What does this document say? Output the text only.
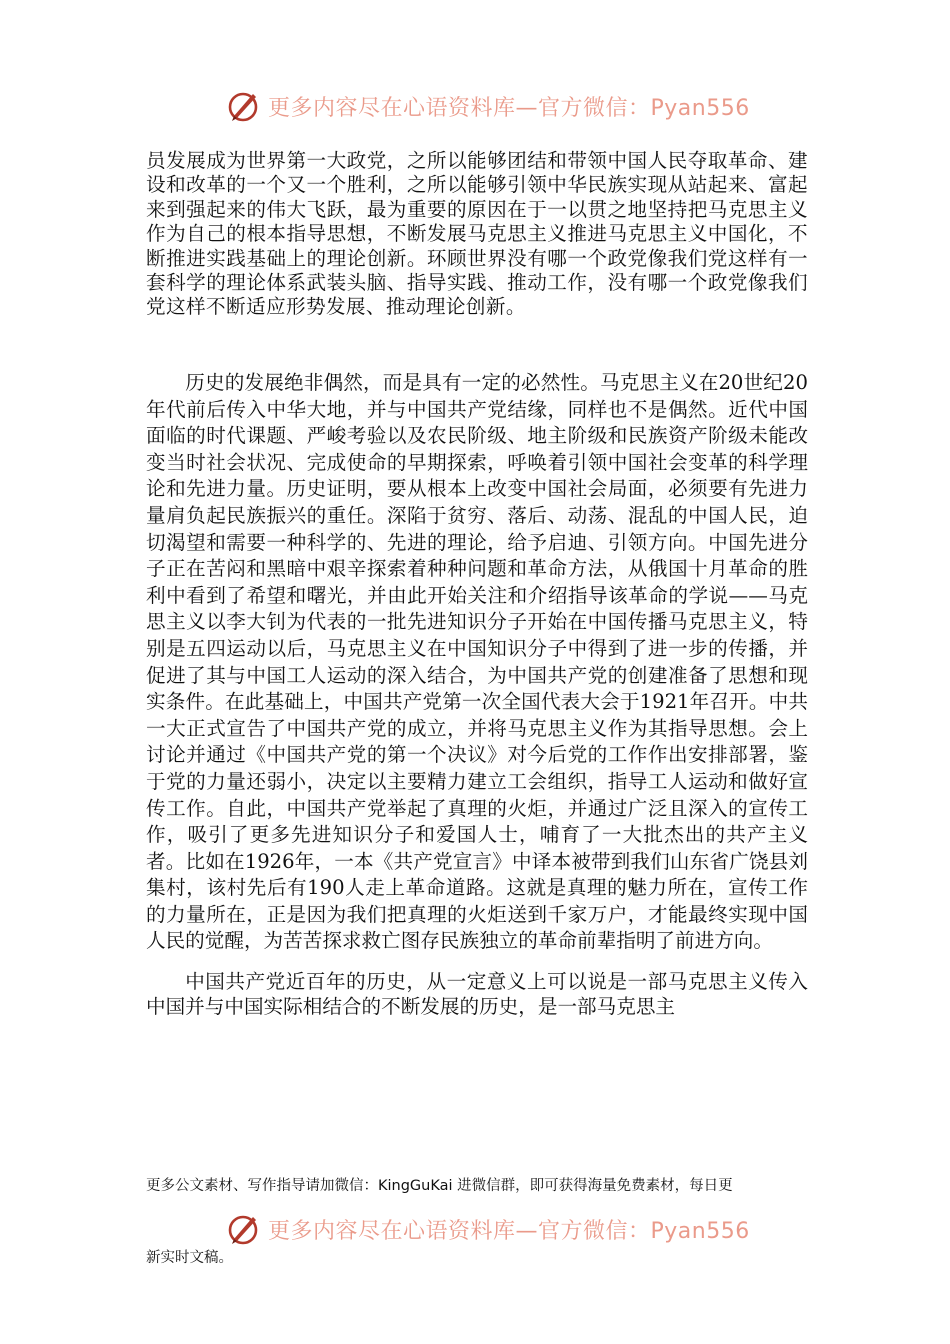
更多内容尽在心语资料库—官方微信：Pyan556

员发展成为世界第一大政党，之所以能够团结和带领中国人民夺取革命、建设和改革的一个又一个胜利，之所以能够引领中华民族实现从站起来、富起来到强起来的伟大飞跃，最为重要的原因在于一以贯之地坚持把马克思主义作为自己的根本指导思想，不断发展马克思主义推进马克思主义中国化，不断推进实践基础上的理论创新。环顾世界没有哪一个政党像我们党这样有一套科学的理论体系武装头脑、指导实践、推动工作，没有哪一个政党像我们党这样不断适应形势发展、推动理论创新。

历史的发展绝非偶然，而是具有一定的必然性。马克思主义在20世纪20年代前后传入中华大地，并与中国共产党结缘，同样也不是偶然。近代中国面临的时代课题、严峻考验以及农民阶级、地主阶级和民族资产阶级未能改变当时社会状况、完成使命的早期探索，呼唤着引领中国社会变革的科学理论和先进力量。历史证明，要从根本上改变中国社会局面，必须要有先进力量肩负起民族振兴的重任。深陷于贫穷、落后、动荡、混乱的中国人民，迫切渴望和需要一种科学的、先进的理论，给予启迪、引领方向。中国先进分子正在苦闷和黑暗中艰辛探索着种种问题和革命方法，从俄国十月革命的胜利中看到了希望和曙光，并由此开始关注和介绍指导该革命的学说——马克思主义以李大钊为代表的一批先进知识分子开始在中国传播马克思主义，特别是五四运动以后，马克思主义在中国知识分子中得到了进一步的传播，并促进了其与中国工人运动的深入结合，为中国共产党的创建准备了思想和现实条件。在此基础上，中国共产党第一次全国代表大会于1921年召开。中共一大正式宣告了中国共产党的成立，并将马克思主义作为其指导思想。会上讨论并通过《中国共产党的第一个决议》对今后党的工作作出安排部署，鉴于党的力量还弱小，决定以主要精力建立工会组织，指导工人运动和做好宣传工作。自此，中国共产党举起了真理的火炬，并通过广泛且深入的宣传工作，吸引了更多先进知识分子和爱国人士，哺育了一大批杰出的共产主义者。比如在1926年，一本《共产党宣言》中译本被带到我们山东省广饶县刘集村，该村先后有190人走上革命道路。这就是真理的魅力所在，宣传工作的力量所在，正是因为我们把真理的火炬送到千家万户，才能最终实现中国人民的觉醒，为苦苦探求救亡图存民族独立的革命前辈指明了前进方向。

中国共产党近百年的历史，从一定意义上可以说是一部马克思主义传入中国并与中国实际相结合的不断发展的历史，是一部马克思主

更多公文素材、写作指导请加微信：KingGuKai 进微信群，即可获得海量免费素材，每日更
更多内容尽在心语资料库—官方微信：Pyan556
新实时文稿。
